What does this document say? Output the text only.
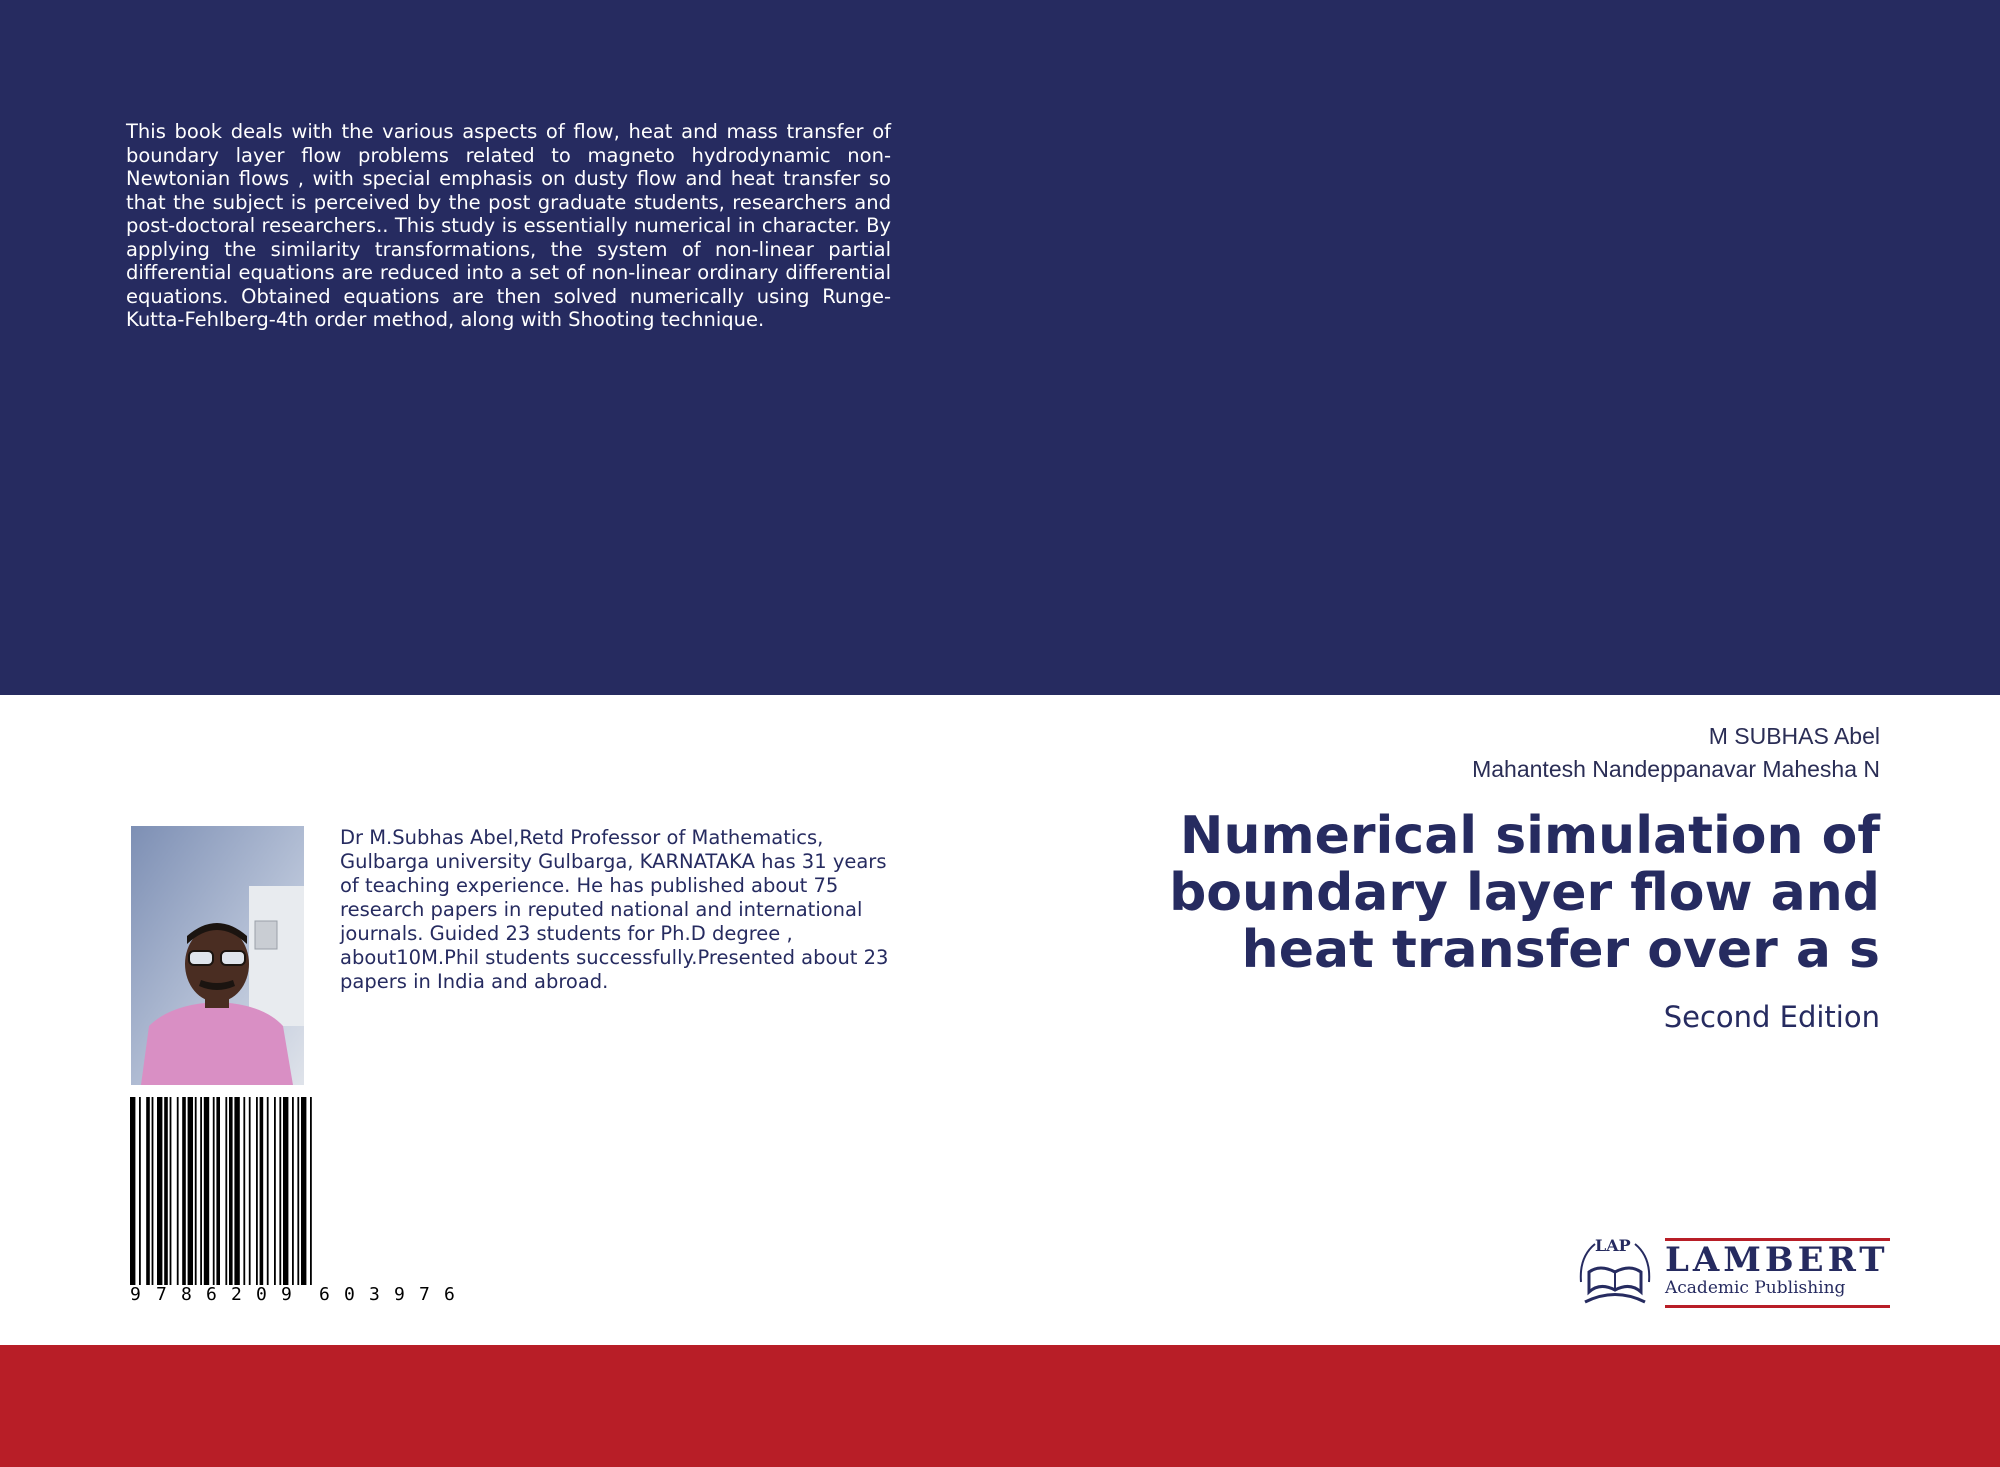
This book deals with the various aspects of flow, heat and mass transfer of boundary layer flow problems related to magneto hydrodynamic non-Newtonian flows , with special emphasis on dusty flow and heat transfer so that the subject is perceived by the post graduate students, researchers and post-doctoral researchers.. This study is essentially numerical in character. By applying the similarity transformations, the system of non-linear partial differential equations are reduced into a set of non-linear ordinary differential equations. Obtained equations are then solved numerically using Runge-Kutta-Fehlberg-4th order method, along with Shooting technique.

M SUBHAS Abel
Mahantesh Nandeppanavar Mahesha N
Numerical simulation of boundary layer flow and heat transfer over a s
Second Edition

Dr M.Subhas Abel,Retd Professor of Mathematics, Gulbarga university Gulbarga, KARNATAKA has 31 years of teaching experience. He has published about 75 research papers in reputed national and international journals. Guided 23 students for Ph.D degree , about10M.Phil students successfully.Presented about 23 papers in India and abroad.

9 7 8 6 2 0 9 6 0 3 9 7 6
LAP LAMBERT
Academic Publishing
